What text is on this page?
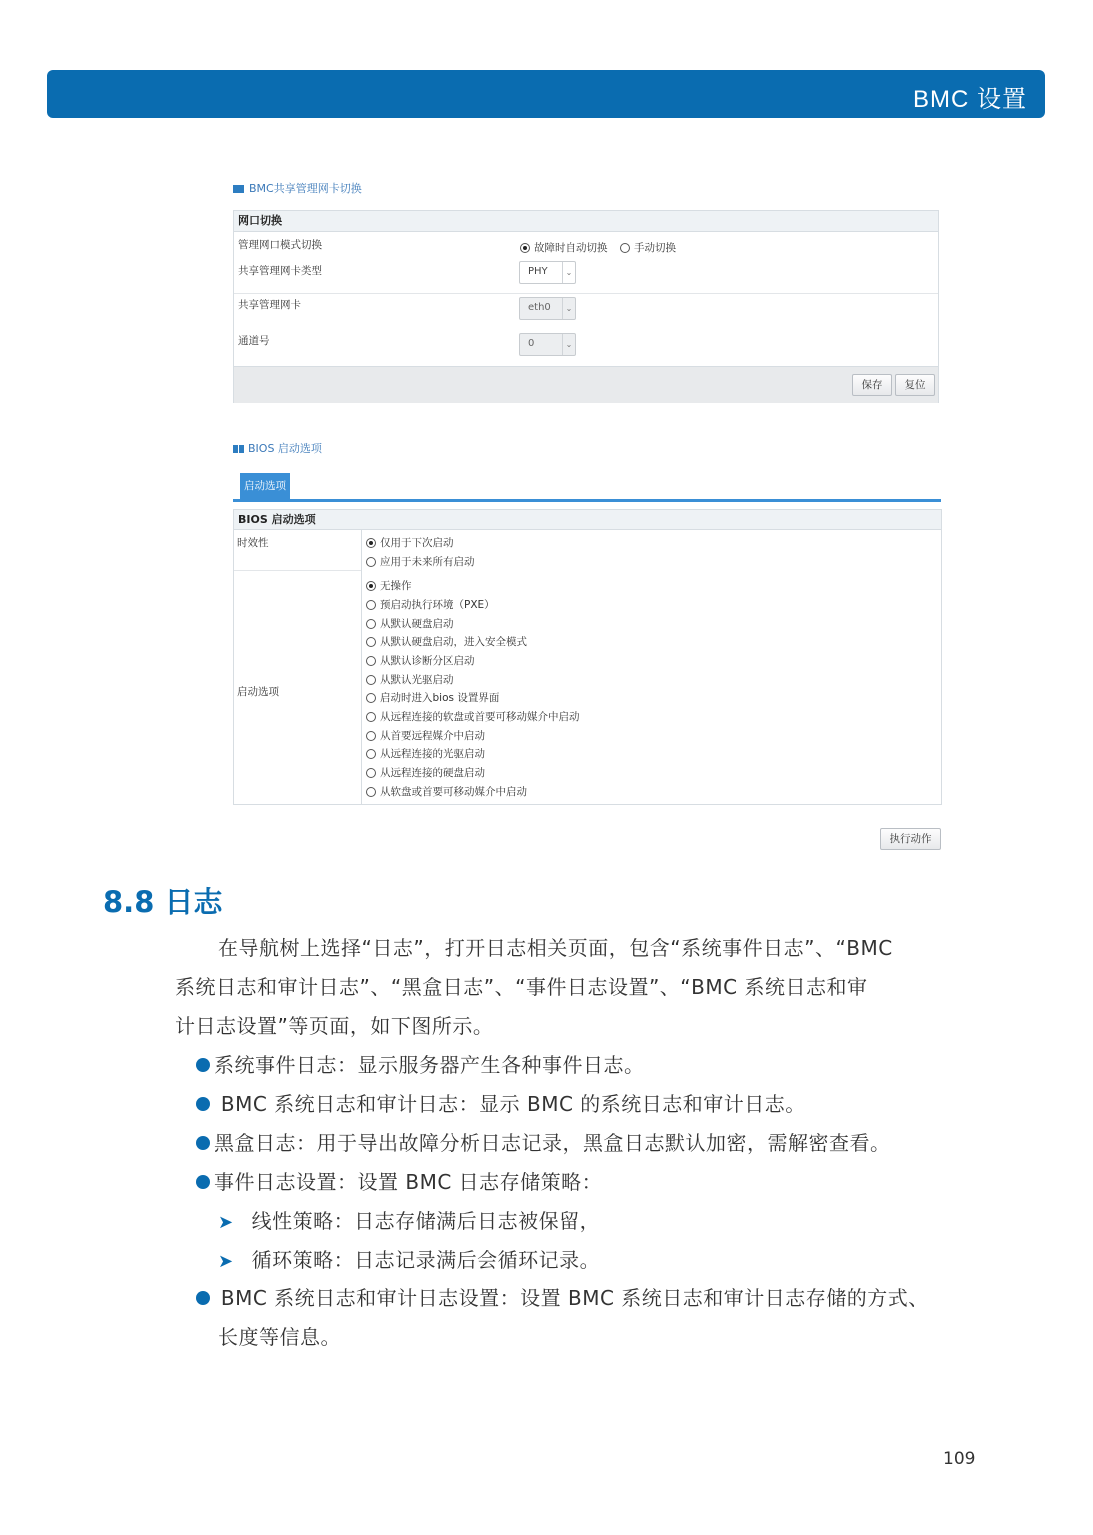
BMC 设置
BMC共享管理网卡切换
网口切换
管理网口模式切换	故障时自动切换	手动切换
共享管理网卡类型	PHY	⌄
共享管理网卡	eth0	⌄
通道号	0	⌄
保存	复位
BIOS 启动选项
启动选项
BIOS 启动选项
时效性	仅用于下次启动
应用于未来所有启动
启动选项
无操作
预启动执行环境（PXE）
从默认硬盘启动
从默认硬盘启动，进入安全模式
从默认诊断分区启动
从默认光驱启动
启动时进入bios 设置界面
从远程连接的软盘或首要可移动媒介中启动
从首要远程媒介中启动
从远程连接的光驱启动
从远程连接的硬盘启动
从软盘或首要可移动媒介中启动
执行动作
8.8 日志
在导航树上选择“日志”，打开日志相关页面，包含“系统事件日志”、“BMC
系统日志和审计日志”、“黑盒日志”、“事件日志设置”、“BMC 系统日志和审
计日志设置”等页面，如下图所示。
系统事件日志：显示服务器产生各种事件日志。
BMC 系统日志和审计日志：显示 BMC 的系统日志和审计日志。
黑盒日志：用于导出故障分析日志记录，黑盒日志默认加密，需解密查看。
事件日志设置：设置 BMC 日志存储策略：
➤ 线性策略：日志存储满后日志被保留，
➤ 循环策略：日志记录满后会循环记录。
BMC 系统日志和审计日志设置：设置 BMC 系统日志和审计日志存储的方式、
长度等信息。
109
